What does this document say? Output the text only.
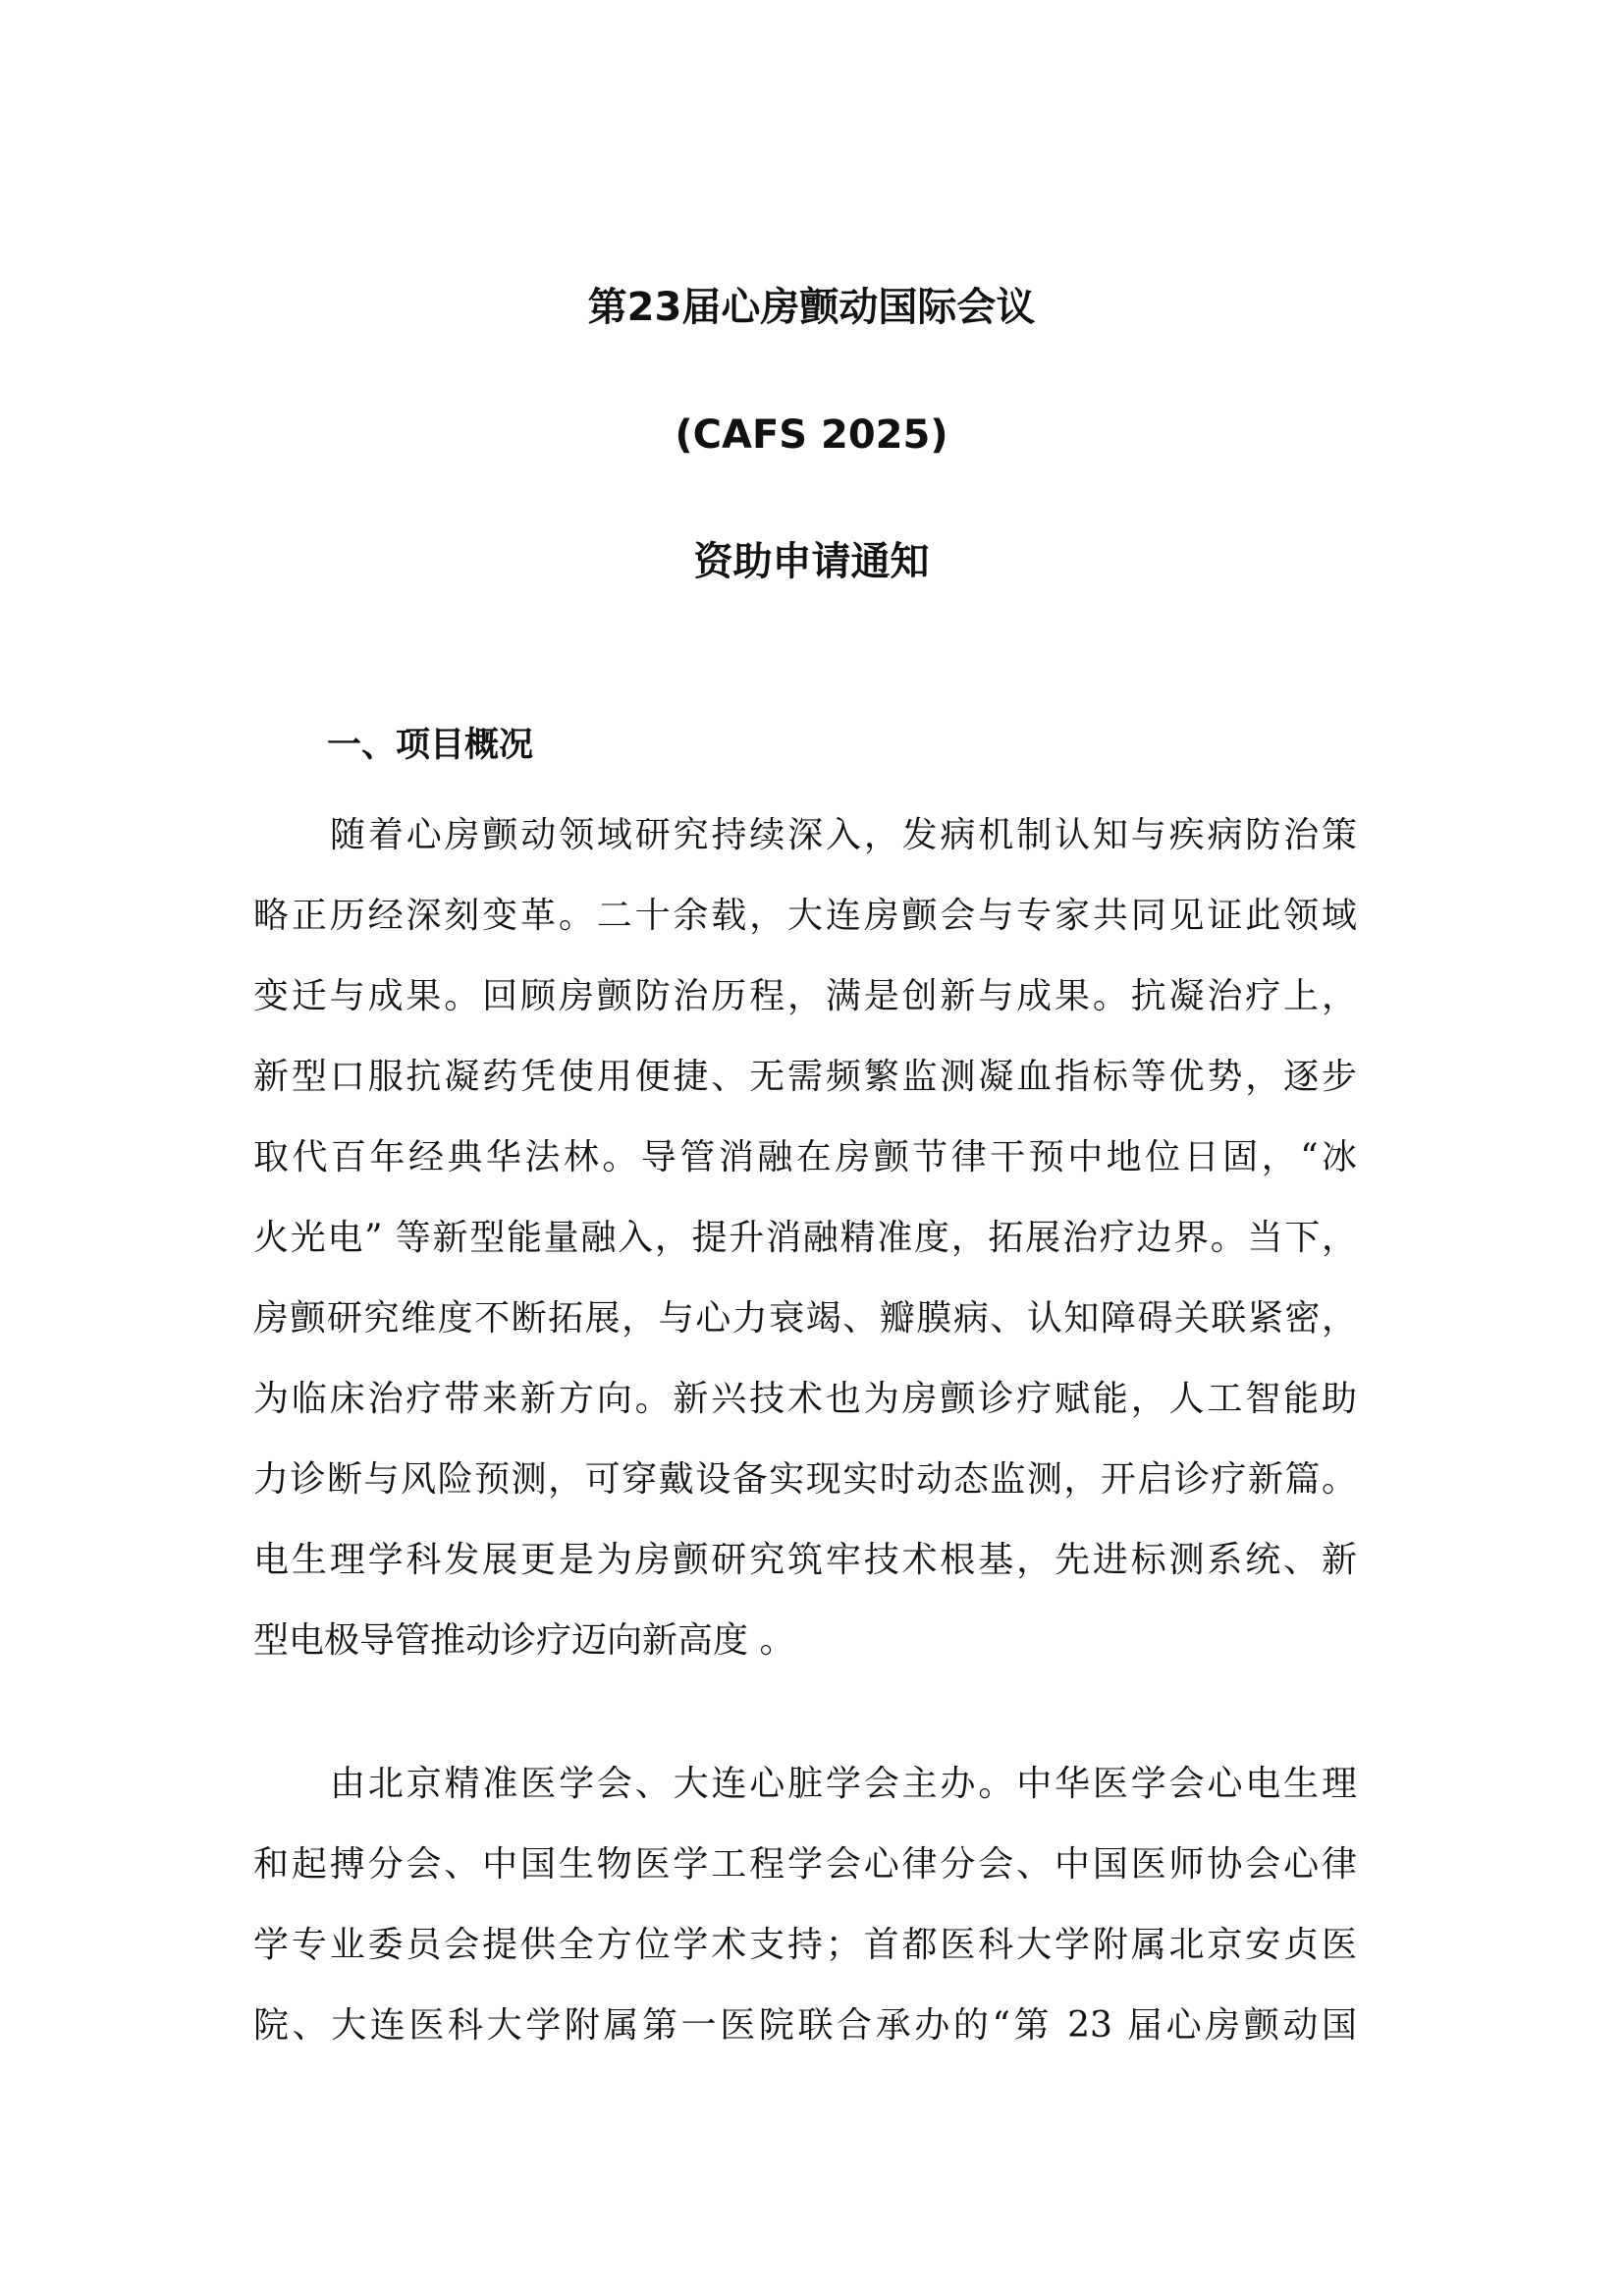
第23届心房颤动国际会议
(CAFS 2025)
资助申请通知
一、项目概况
随着心房颤动领域研究持续深入，发病机制认知与疾病防治策
略正历经深刻变革。二十余载，大连房颤会与专家共同见证此领域
变迁与成果。回顾房颤防治历程，满是创新与成果。抗凝治疗上，
新型口服抗凝药凭使用便捷、无需频繁监测凝血指标等优势，逐步
取代百年经典华法林。导管消融在房颤节律干预中地位日固，“冰
火光电” 等新型能量融入，提升消融精准度，拓展治疗边界。当下，
房颤研究维度不断拓展，与心力衰竭、瓣膜病、认知障碍关联紧密，
为临床治疗带来新方向。新兴技术也为房颤诊疗赋能，人工智能助
力诊断与风险预测，可穿戴设备实现实时动态监测，开启诊疗新篇。
电生理学科发展更是为房颤研究筑牢技术根基，先进标测系统、新
型电极导管推动诊疗迈向新高度 。
由北京精准医学会、大连心脏学会主办。中华医学会心电生理
和起搏分会、中国生物医学工程学会心律分会、中国医师协会心律
学专业委员会提供全方位学术支持；首都医科大学附属北京安贞医
院、大连医科大学附属第一医院联合承办的“第 23 届心房颤动国
